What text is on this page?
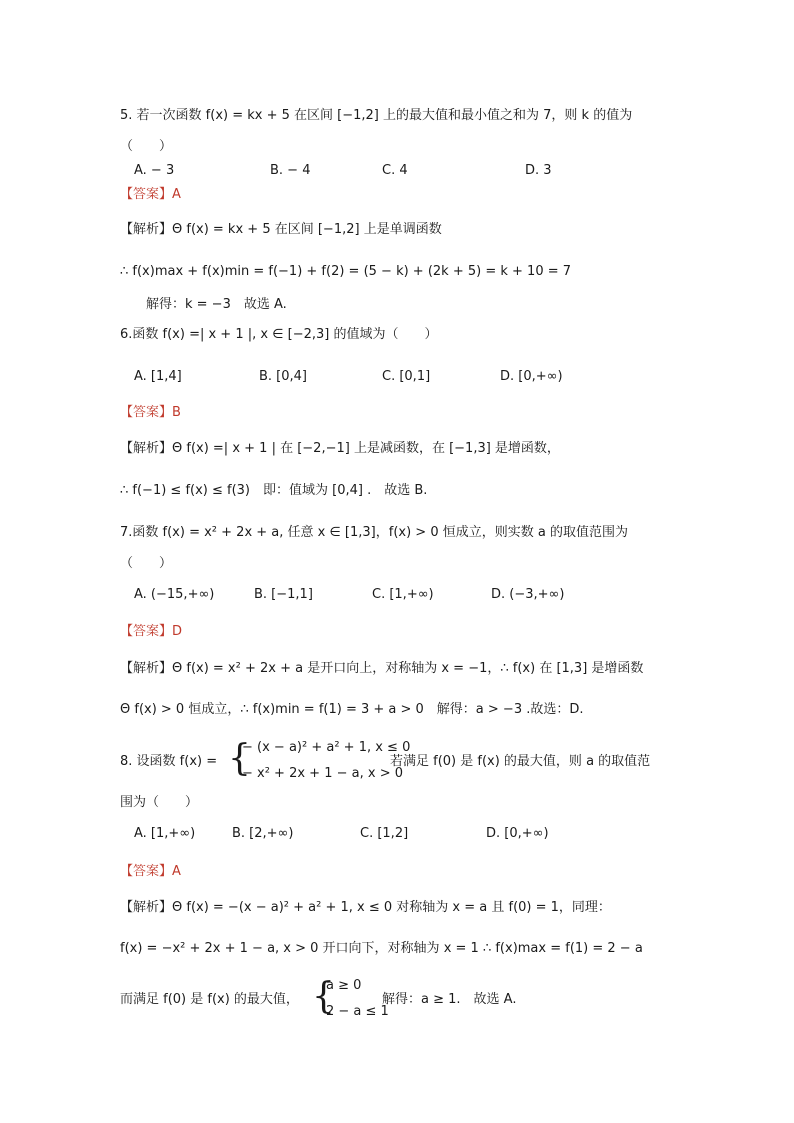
5. 若一次函数 f(x) = kx + 5 在区间 [−1,2] 上的最大值和最小值之和为 7，则 k 的值为
（　　）
A. − 3	B. − 4	C. 4	D. 3
【答案】A
【解析】Θ f(x) = kx + 5 在区间 [−1,2] 上是单调函数
∴ f(x)max + f(x)min = f(−1) + f(2) = (5 − k) + (2k + 5) = k + 10 = 7
解得：k = −3　故选 A.
6.函数 f(x) =| x + 1 |, x ∈ [−2,3] 的值域为（　　）
A. [1,4]	B. [0,4]	C. [0,1]	D. [0,+∞)
【答案】B
【解析】Θ f(x) =| x + 1 | 在 [−2,−1] 上是减函数，在 [−1,3] 是增函数，
∴ f(−1) ≤ f(x) ≤ f(3)　即：值域为 [0,4] .　故选 B.
7.函数 f(x) = x² + 2x + a, 任意 x ∈ [1,3]，f(x) > 0 恒成立，则实数 a 的取值范围为
（　　）
A. (−15,+∞)	B. [−1,1]	C. [1,+∞)	D. (−3,+∞)
【答案】D
【解析】Θ f(x) = x² + 2x + a 是开口向上，对称轴为 x = −1，∴ f(x) 在 [1,3] 是增函数
Θ f(x) > 0 恒成立，∴ f(x)min = f(1) = 3 + a > 0　解得：a > −3 .故选：D.
8. 设函数 f(x) = {
− (x − a)² + a² + 1, x ≤ 0
− x² + 2x + 1 − a, x > 0
若满足 f(0) 是 f(x) 的最大值，则 a 的取值范
围为（　　）
A. [1,+∞)	B. [2,+∞)	C. [1,2]	D. [0,+∞)
【答案】A
【解析】Θ f(x) = −(x − a)² + a² + 1, x ≤ 0 对称轴为 x = a 且 f(0) = 1，同理：
f(x) = −x² + 2x + 1 − a, x > 0 开口向下，对称轴为 x = 1 ∴ f(x)max = f(1) = 2 − a
而满足 f(0) 是 f(x) 的最大值， {
a ≥ 0
2 − a ≤ 1
解得：a ≥ 1.　故选 A.
